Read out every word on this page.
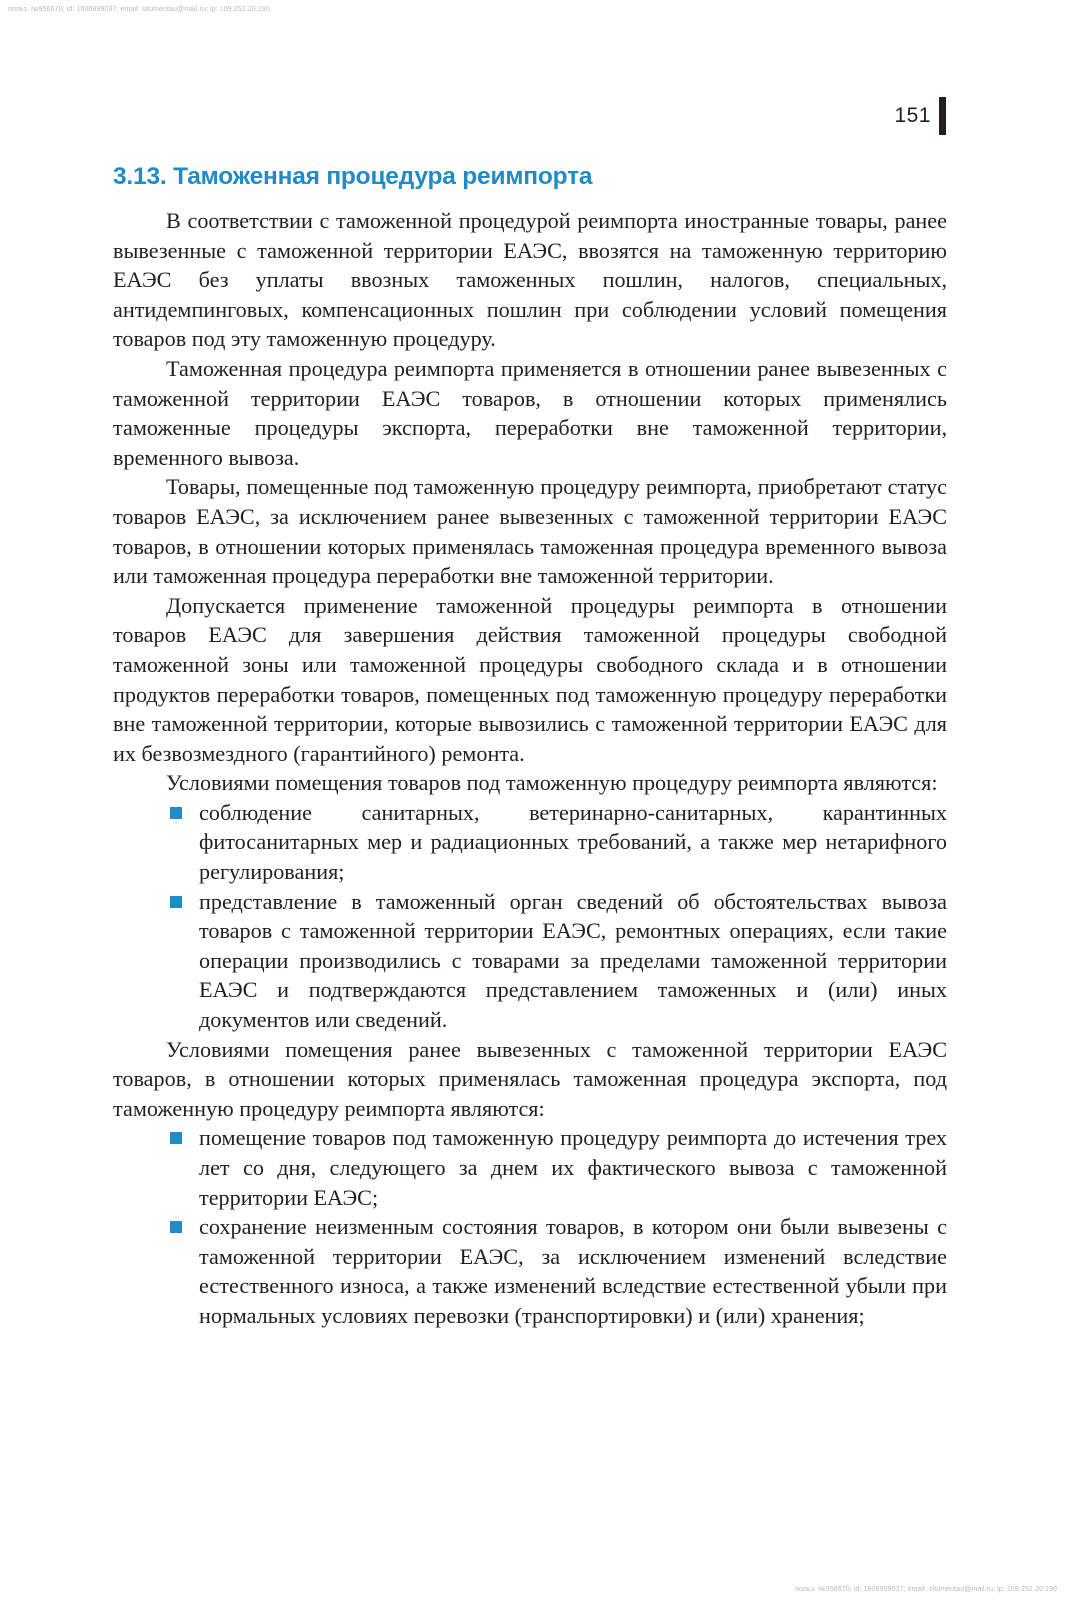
польз. №956670; id: 1606999037; email: situmentau@mail.ru; ip: 109.252.20.190
151
3.13. Таможенная процедура реимпорта

В соответствии с таможенной процедурой реимпорта иностранные товары, ранее вывезенные с таможенной территории ЕАЭС, ввозятся на таможенную территорию ЕАЭС без уплаты ввозных таможенных пошлин, налогов, специальных, антидемпинговых, компенсационных пошлин при соблюдении условий помещения товаров под эту таможенную процедуру.

Таможенная процедура реимпорта применяется в отношении ранее вывезенных с таможенной территории ЕАЭС товаров, в отношении которых применялись таможенные процедуры экспорта, переработки вне таможенной территории, временного вывоза.

Товары, помещенные под таможенную процедуру реимпорта, приобретают статус товаров ЕАЭС, за исключением ранее вывезенных с таможенной территории ЕАЭС товаров, в отношении которых применялась таможенная процедура временного вывоза или таможенная процедура переработки вне таможенной территории.

Допускается применение таможенной процедуры реимпорта в отношении товаров ЕАЭС для завершения действия таможенной процедуры свободной таможенной зоны или таможенной процедуры свободного склада и в отношении продуктов переработки товаров, помещенных под таможенную процедуру переработки вне таможенной территории, которые вывозились с таможенной территории ЕАЭС для их безвозмездного (гарантийного) ремонта.

Условиями помещения товаров под таможенную процедуру реимпорта являются:

соблюдение санитарных, ветеринарно-санитарных, карантинных фитосанитарных мер и радиационных требований, а также мер нетарифного регулирования;
представление в таможенный орган сведений об обстоятельствах вывоза товаров с таможенной территории ЕАЭС, ремонтных операциях, если такие операции производились с товарами за пределами таможенной территории ЕАЭС и подтверждаются представлением таможенных и (или) иных документов или сведений.

Условиями помещения ранее вывезенных с таможенной территории ЕАЭС товаров, в отношении которых применялась таможенная процедура экспорта, под таможенную процедуру реимпорта являются:

помещение товаров под таможенную процедуру реимпорта до истечения трех лет со дня, следующего за днем их фактического вывоза с таможенной территории ЕАЭС;
сохранение неизменным состояния товаров, в котором они были вывезены с таможенной территории ЕАЭС, за исключением изменений вследствие естественного износа, а также изменений вследствие естественной убыли при нормальных условиях перевозки (транспортировки) и (или) хранения;
польз. №956670; id: 1606999037; email: situmentau@mail.ru; ip: 109.252.20.190
